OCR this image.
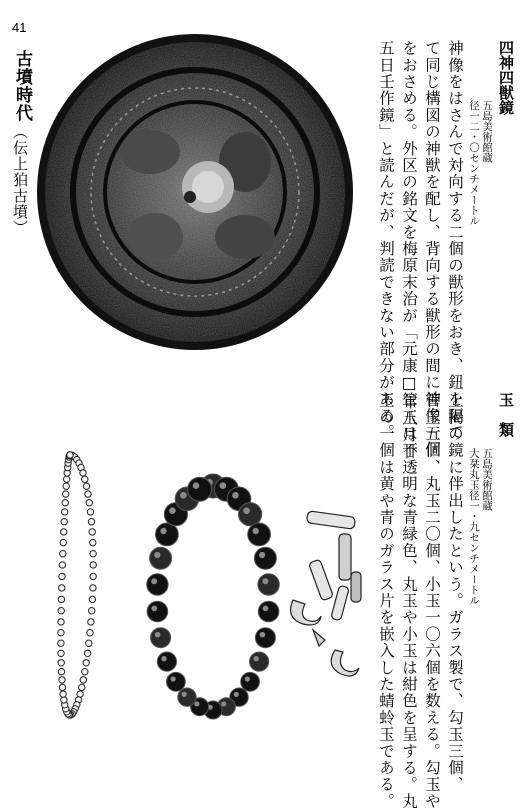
41
古墳時代
（伝上狛古墳）
四神四獣鏡
五島美術館蔵
径一二・〇センチメートル
神像をはさんで対向する二個の獣形をおき、鈕を隔て
て同じ構図の神獣を配し、背向する獣形の間に神像一個
をおさめる。外区の銘文を梅原末治が「元康□年八月廿
五日壬作鏡」と読んだが、判読できない部分がある。	玉　類
五島美術館蔵
大栞丸玉径一・九センチメートル
上掲の鏡に伴出したという。ガラス製で、勾玉三個、
管玉五個、丸玉二〇個、小玉一〇六個を数える。勾玉や
管玉は不透明な青緑色、丸玉や小玉は紺色を呈する。丸
玉の一個は黄や青のガラス片を嵌入した蜻蛉玉である。
